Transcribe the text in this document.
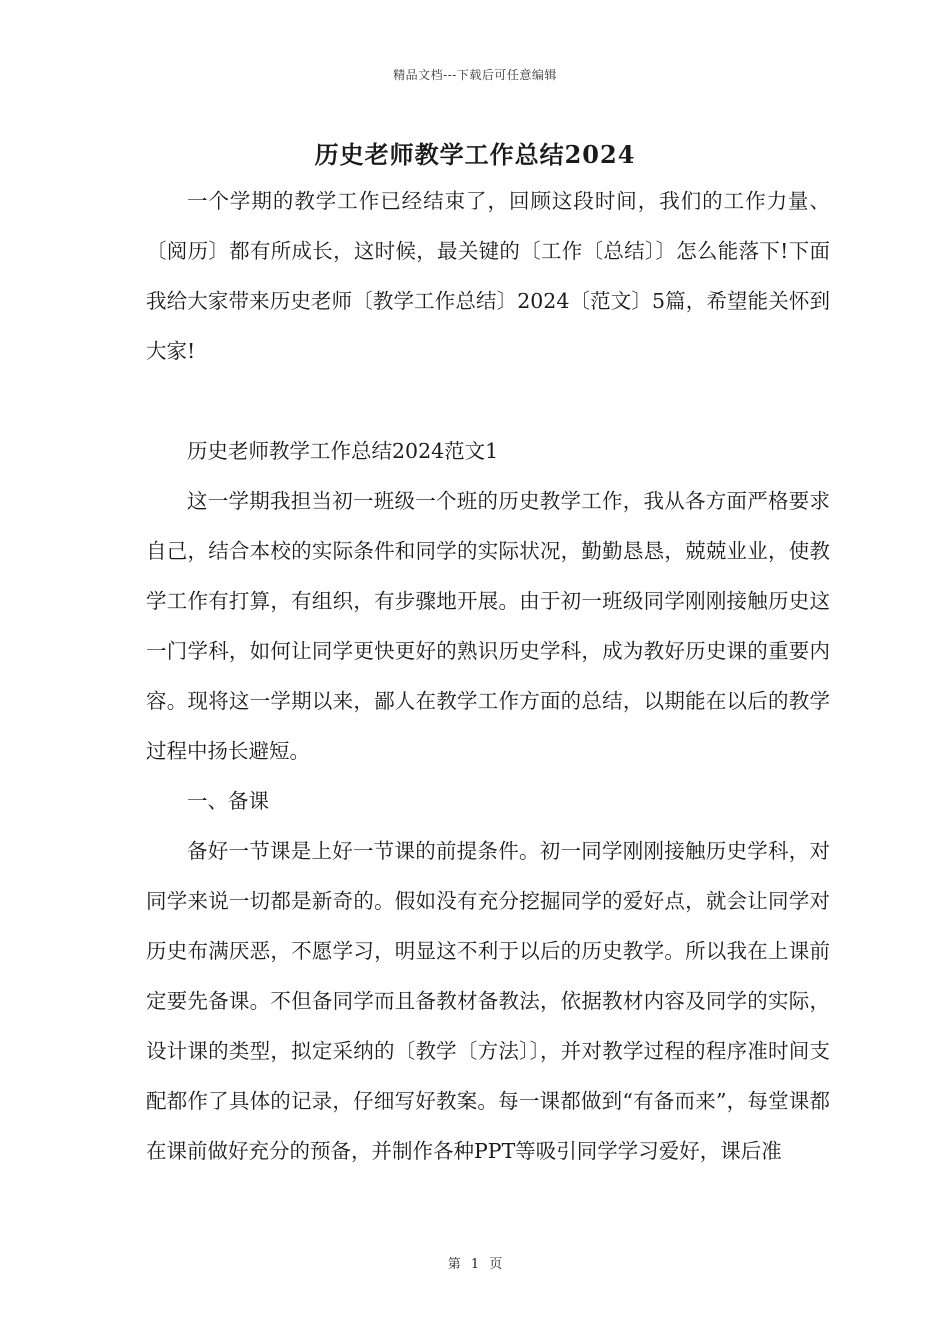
精品文档---下载后可任意编辑
历史老师教学工作总结2024

一个学期的教学工作已经结束了，回顾这段时间，我们的工作力量、〔阅历〕都有所成长，这时候，最关键的〔工作〔总结〕〕怎么能落下!下面我给大家带来历史老师〔教学工作总结〕2024〔范文〕5篇，希望能关怀到大家!

历史老师教学工作总结2024范文1

这一学期我担当初一班级一个班的历史教学工作，我从各方面严格要求自己，结合本校的实际条件和同学的实际状况，勤勤恳恳，兢兢业业，使教学工作有打算，有组织，有步骤地开展。由于初一班级同学刚刚接触历史这一门学科，如何让同学更快更好的熟识历史学科，成为教好历史课的重要内容。现将这一学期以来，鄙人在教学工作方面的总结，以期能在以后的教学过程中扬长避短。

一、备课

备好一节课是上好一节课的前提条件。初一同学刚刚接触历史学科，对同学来说一切都是新奇的。假如没有充分挖掘同学的爱好点，就会让同学对历史布满厌恶，不愿学习，明显这不利于以后的历史教学。所以我在上课前定要先备课。不但备同学而且备教材备教法，依据教材内容及同学的实际，设计课的类型，拟定采纳的〔教学〔方法〕〕，并对教学过程的程序准时间支配都作了具体的记录，仔细写好教案。每一课都做到“有备而来”，每堂课都在课前做好充分的预备，并制作各种PPT等吸引同学学习爱好，课后准

第 1 页
